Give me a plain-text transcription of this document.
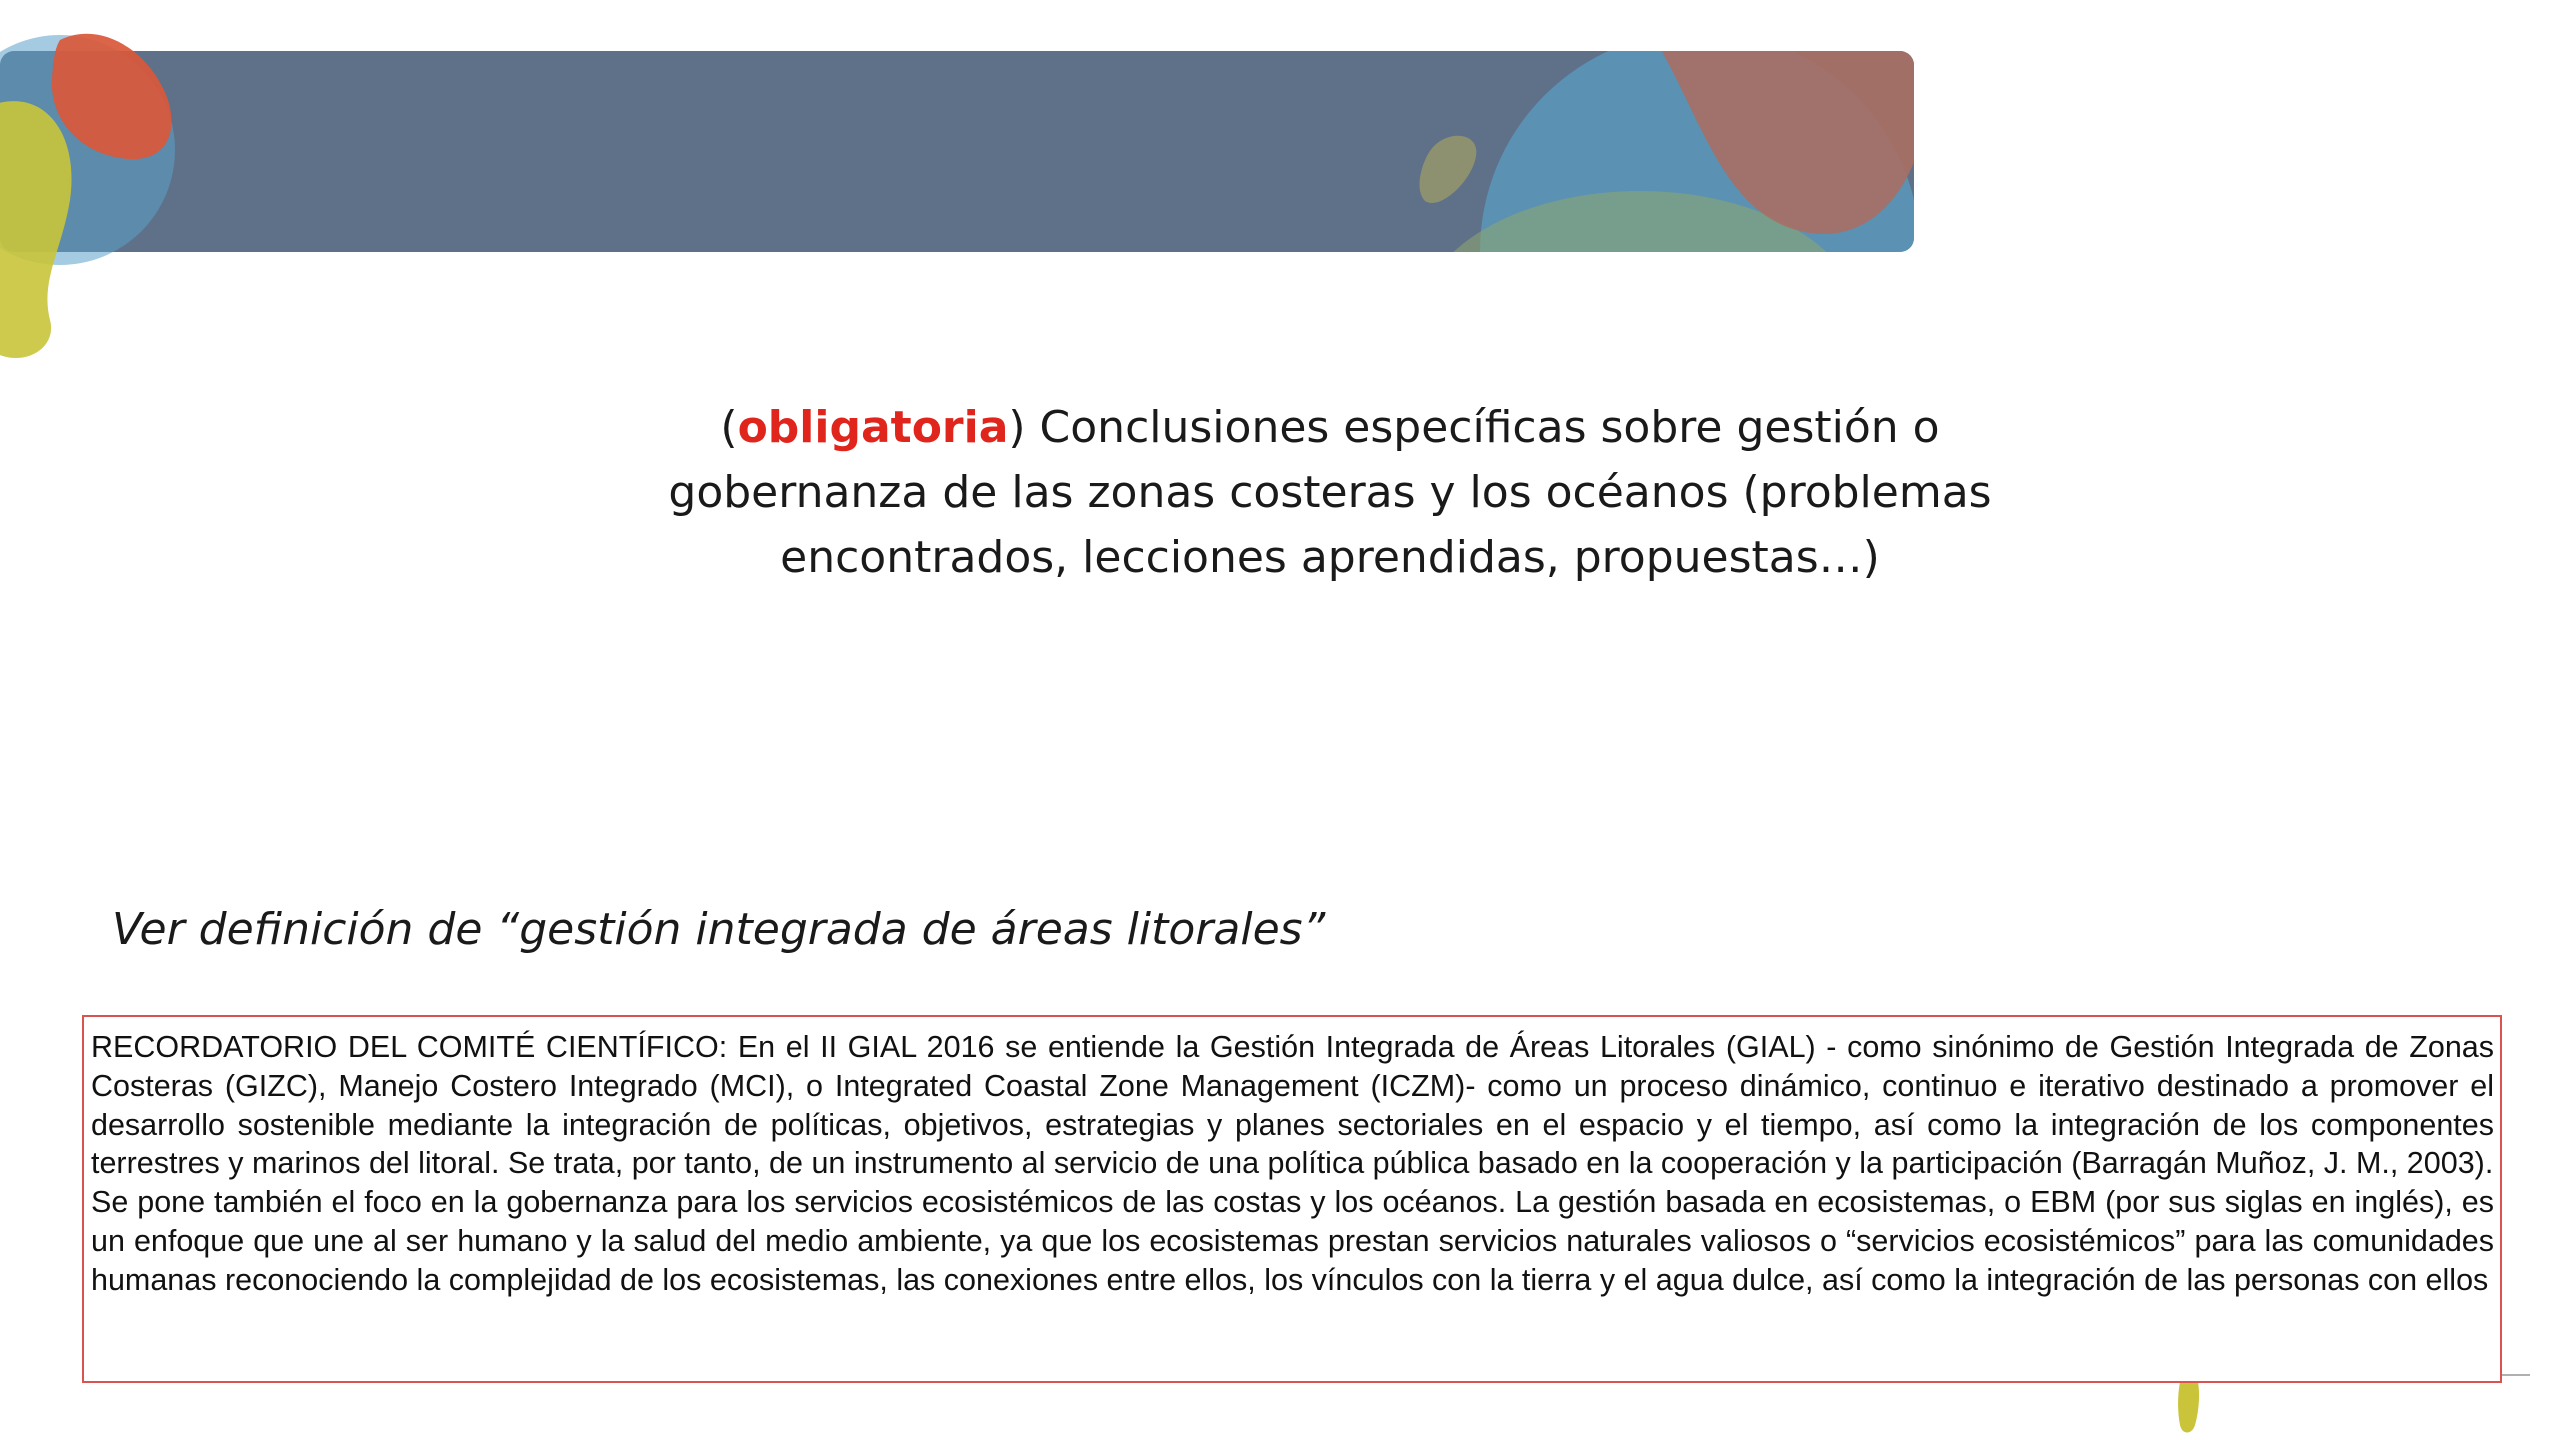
(obligatoria) Conclusiones específicas sobre gestión o gobernanza de las zonas costeras y los océanos (problemas encontrados, lecciones aprendidas, propuestas…)
Ver definición de “gestión integrada de áreas litorales”

RECORDATORIO DEL COMITÉ CIENTÍFICO: En el II GIAL 2016 se entiende la Gestión Integrada de Áreas Litorales (GIAL) - como sinónimo de Gestión Integrada de Zonas Costeras (GIZC), Manejo Costero Integrado (MCI), o Integrated Coastal Zone Management (ICZM)- como un proceso dinámico, continuo e iterativo destinado a promover el desarrollo sostenible mediante la integración de políticas, objetivos, estrategias y planes sectoriales en el espacio y el tiempo, así como la integración de los componentes terrestres y marinos del litoral. Se trata, por tanto, de un instrumento al servicio de una política pública basado en la cooperación y la participación (Barragán Muñoz, J. M., 2003).

Se pone también el foco en la gobernanza para los servicios ecosistémicos de las costas y los océanos. La gestión basada en ecosistemas, o EBM (por sus siglas en inglés), es un enfoque que une al ser humano y la salud del medio ambiente, ya que los ecosistemas prestan servicios naturales valiosos o “servicios ecosistémicos” para las comunidades humanas reconociendo la complejidad de los ecosistemas, las conexiones entre ellos, los vínculos con la tierra y el agua dulce, así como la integración de las personas con ellos
